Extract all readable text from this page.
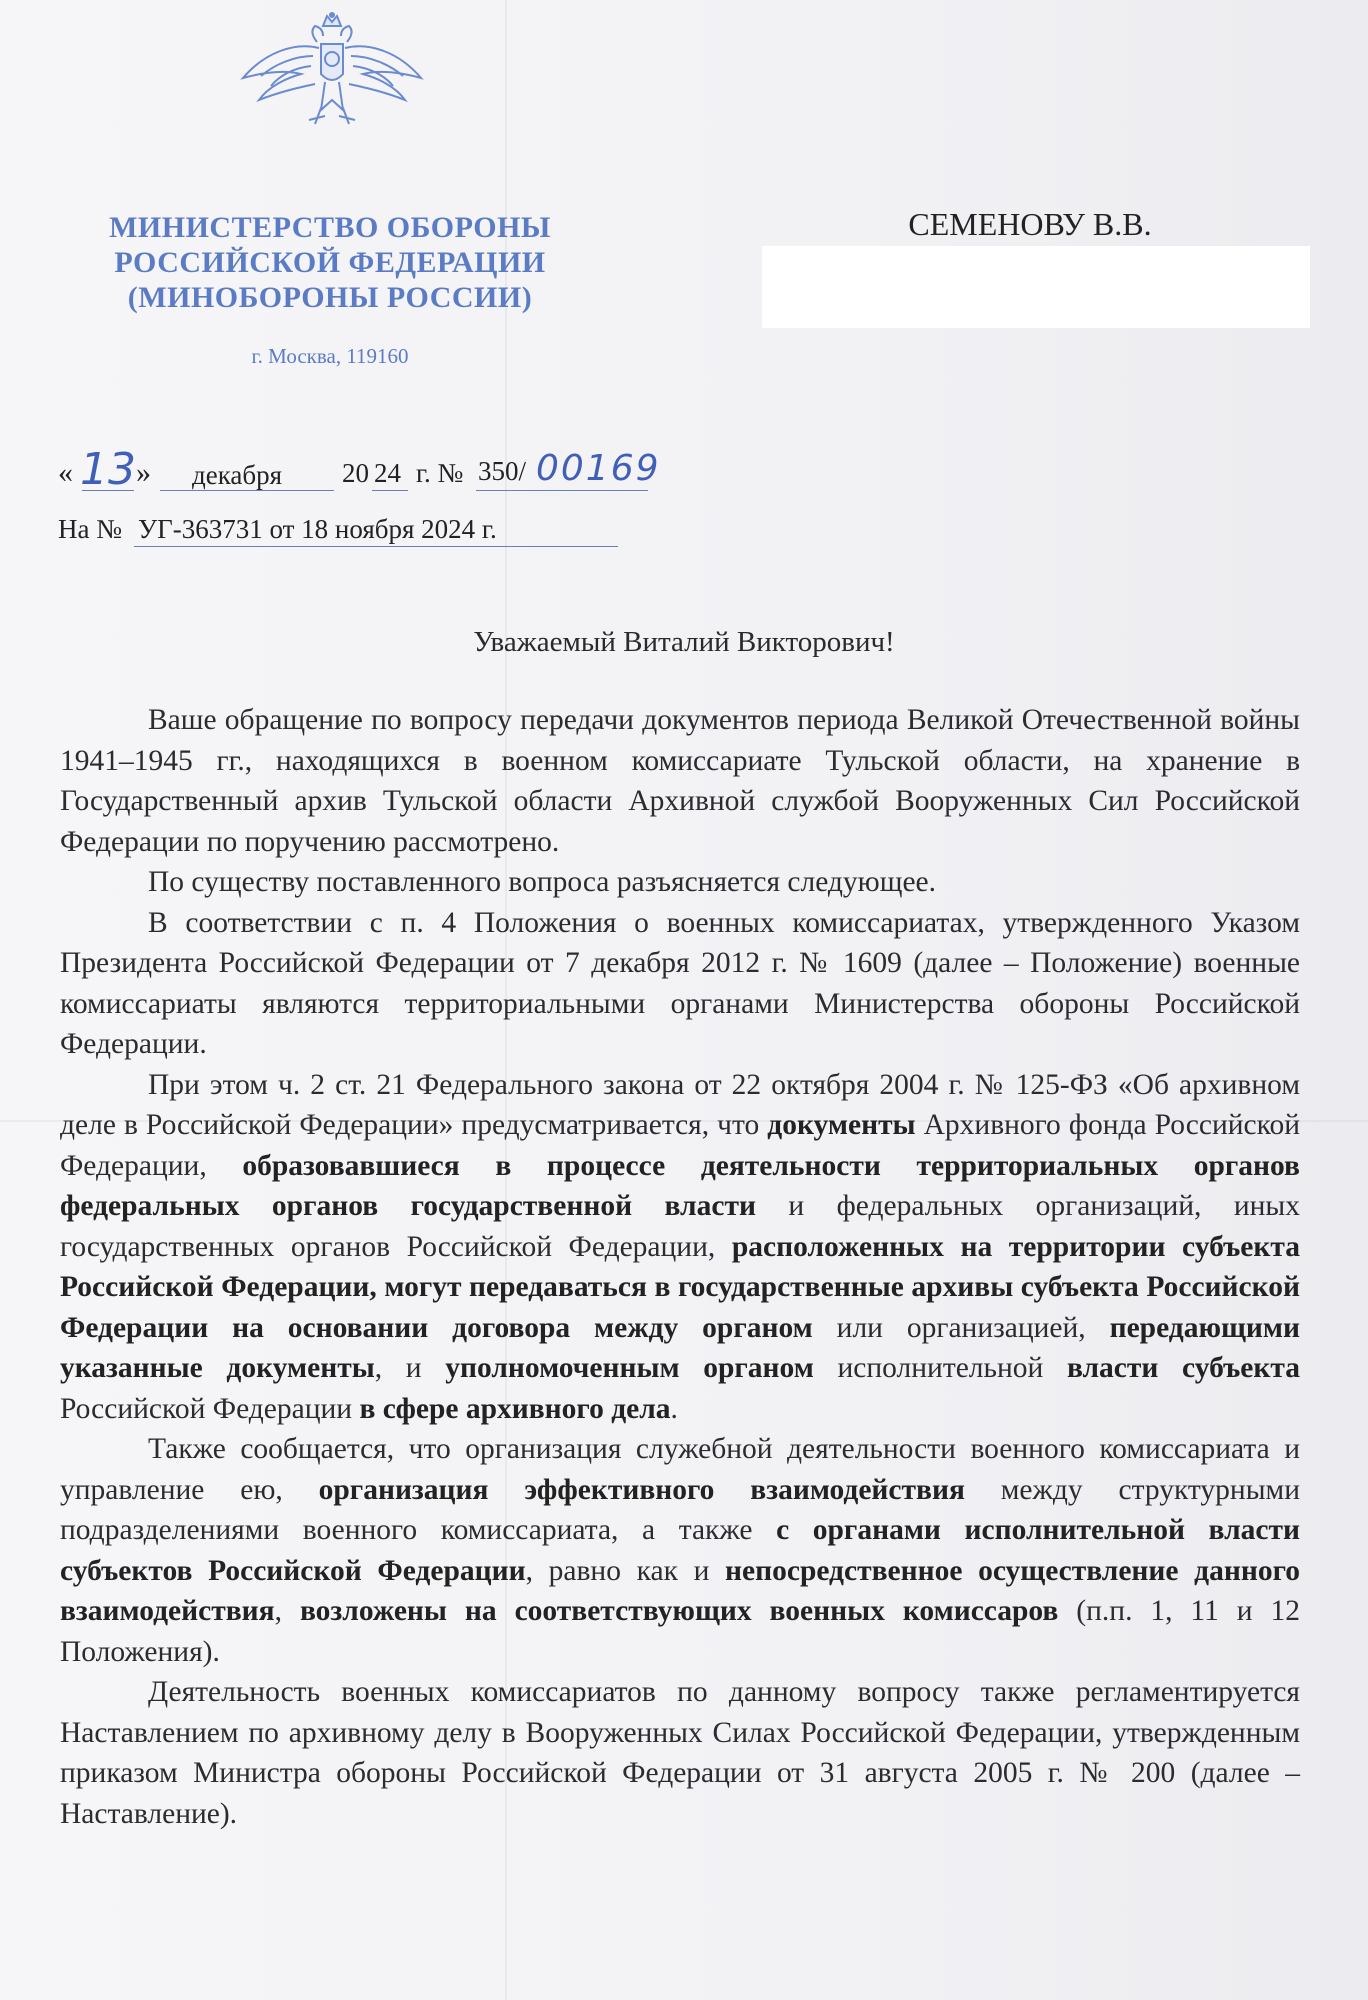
МИНИСТЕРСТВО ОБОРОНЫ
РОССИЙСКОЙ ФЕДЕРАЦИИ
(МИНОБОРОНЫ РОССИИ)
г. Москва, 119160
СЕМЕНОВУ В.В.
« 13 » декабря 20 24 г. № 350/ 00169
На № УГ-363731 от 18 ноября 2024 г.
Уважаемый Виталий Викторович!

Ваше обращение по вопросу передачи документов периода Великой Отечественной войны 1941–1945 гг., находящихся в военном комиссариате Тульской области, на хранение в Государственный архив Тульской области Архивной службой Вооруженных Сил Российской Федерации по поручению рассмотрено.

По существу поставленного вопроса разъясняется следующее.

В соответствии с п. 4 Положения о военных комиссариатах, утвержденного Указом Президента Российской Федерации от 7 декабря 2012 г. № 1609 (далее – Положение) военные комиссариаты являются территориальными органами Министерства обороны Российской Федерации.

При этом ч. 2 ст. 21 Федерального закона от 22 октября 2004 г. № 125-ФЗ «Об архивном деле в Российской Федерации» предусматривается, что документы Архивного фонда Российской Федерации, образовавшиеся в процессе деятельности территориальных органов федеральных органов государственной власти и федеральных организаций, иных государственных органов Российской Федерации, расположенных на территории субъекта Российской Федерации, могут передаваться в государственные архивы субъекта Российской Федерации на основании договора между органом или организацией, передающими указанные документы, и уполномоченным органом исполнительной власти субъекта Российской Федерации в сфере архивного дела.

Также сообщается, что организация служебной деятельности военного комиссариата и управление ею, организация эффективного взаимодействия между структурными подразделениями военного комиссариата, а также с органами исполнительной власти субъектов Российской Федерации, равно как и непосредственное осуществление данного взаимодействия, возложены на соответствующих военных комиссаров (п.п. 1, 11 и 12 Положения).

Деятельность военных комиссариатов по данному вопросу также регламентируется Наставлением по архивному делу в Вооруженных Силах Российской Федерации, утвержденным приказом Министра обороны Российской Федерации от 31 августа 2005 г. № 200 (далее – Наставление).
